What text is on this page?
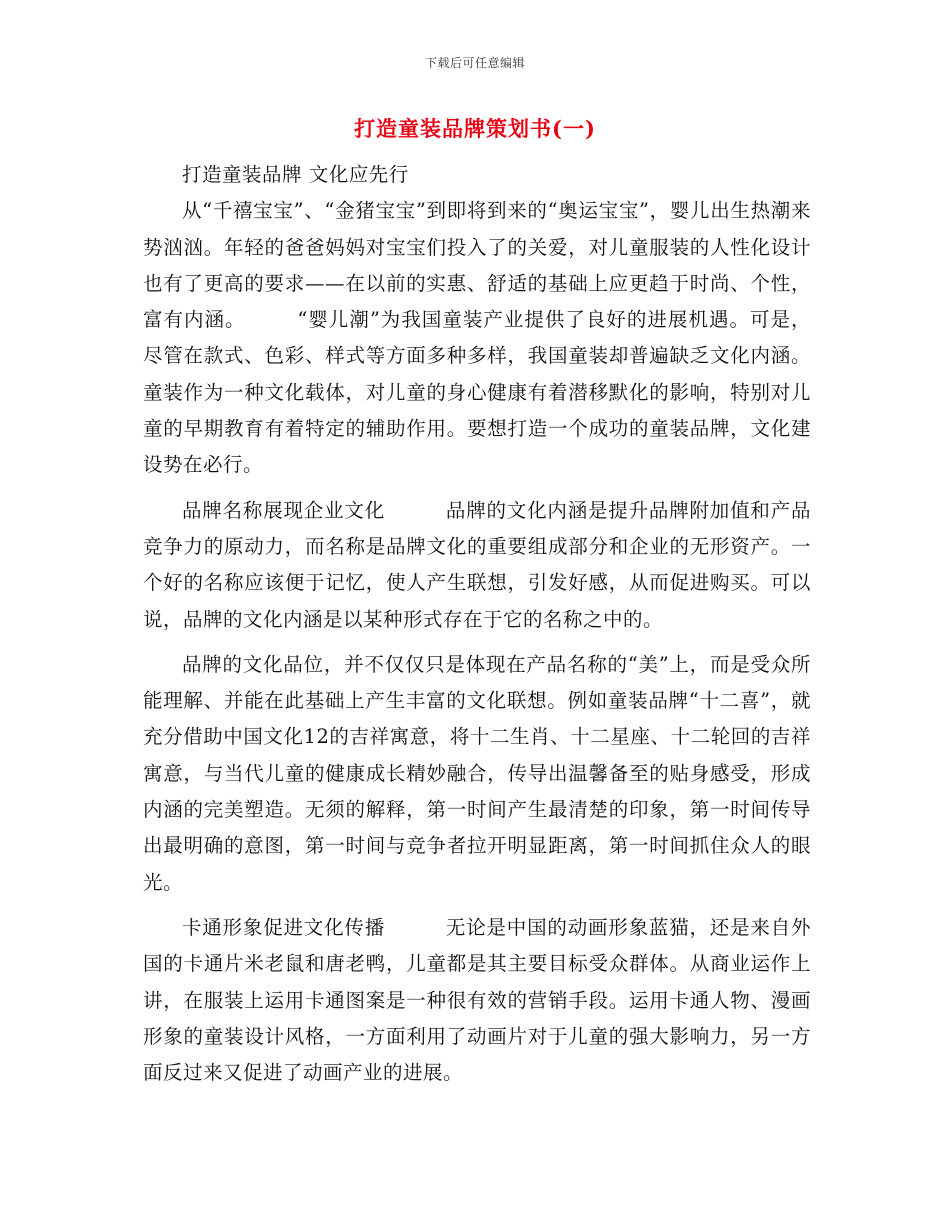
下载后可任意编辑
打造童装品牌策划书(一)

打造童装品牌 文化应先行

从“千禧宝宝”、“金猪宝宝”到即将到来的“奥运宝宝”，婴儿出生热潮来势汹汹。年轻的爸爸妈妈对宝宝们投入了的关爱，对儿童服装的人性化设计也有了更高的要求——在以前的实惠、舒适的基础上应更趋于时尚、个性，富有内涵。　　　“婴儿潮”为我国童装产业提供了良好的进展机遇。可是，尽管在款式、色彩、样式等方面多种多样，我国童装却普遍缺乏文化内涵。童装作为一种文化载体，对儿童的身心健康有着潜移默化的影响，特别对儿童的早期教育有着特定的辅助作用。要想打造一个成功的童装品牌，文化建设势在必行。

品牌名称展现企业文化　　　品牌的文化内涵是提升品牌附加值和产品竞争力的原动力，而名称是品牌文化的重要组成部分和企业的无形资产。一个好的名称应该便于记忆，使人产生联想，引发好感，从而促进购买。可以说，品牌的文化内涵是以某种形式存在于它的名称之中的。

品牌的文化品位，并不仅仅只是体现在产品名称的“美”上，而是受众所能理解、并能在此基础上产生丰富的文化联想。例如童装品牌“十二喜”，就充分借助中国文化12的吉祥寓意，将十二生肖、十二星座、十二轮回的吉祥寓意，与当代儿童的健康成长精妙融合，传导出温馨备至的贴身感受，形成内涵的完美塑造。无须的解释，第一时间产生最清楚的印象，第一时间传导出最明确的意图，第一时间与竞争者拉开明显距离，第一时间抓住众人的眼光。

卡通形象促进文化传播　　　无论是中国的动画形象蓝猫，还是来自外国的卡通片米老鼠和唐老鸭，儿童都是其主要目标受众群体。从商业运作上讲，在服装上运用卡通图案是一种很有效的营销手段。运用卡通人物、漫画形象的童装设计风格，一方面利用了动画片对于儿童的强大影响力，另一方面反过来又促进了动画产业的进展。
